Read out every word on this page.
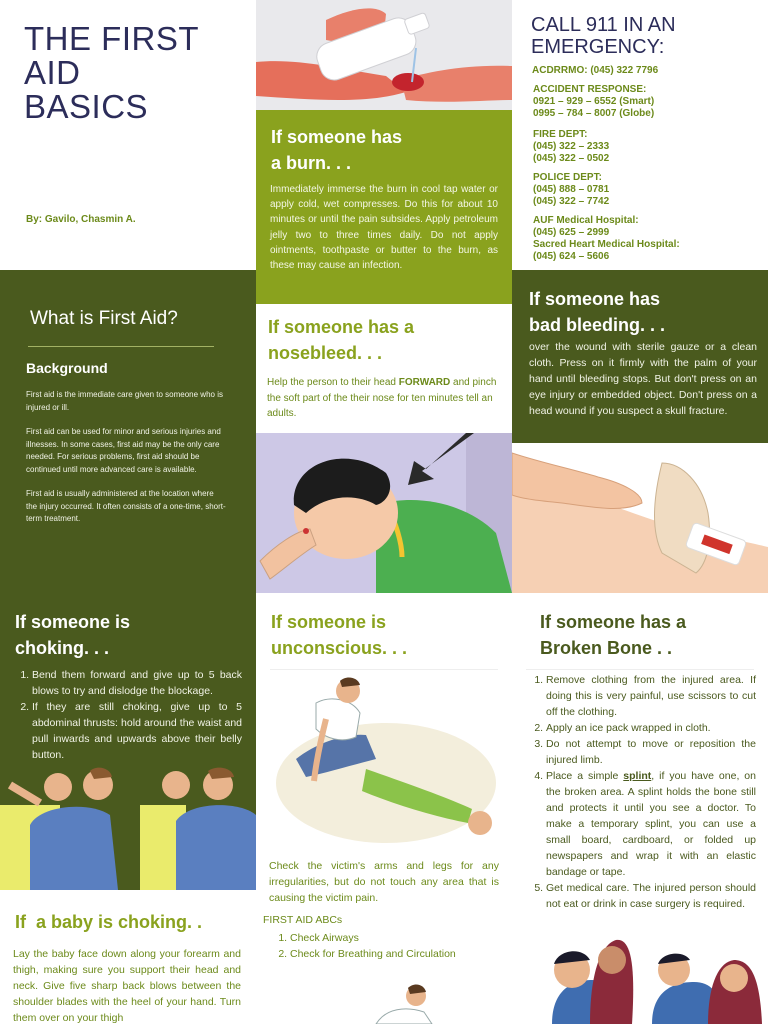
THE FIRST
AID
BASICS
By: Gavilo, Chasmin A.
If someone has
a burn. . .

Immediately immerse the burn in cool tap water or apply cold, wet compresses. Do this for about 10 minutes or until the pain subsides. Apply petroleum jelly two to three times daily. Do not apply ointments, toothpaste or butter to the burn, as these may cause an infection.

CALL 911 IN AN
EMERGENCY:
ACDRRMO: (045) 322 7796
ACCIDENT RESPONSE:
0921 – 929 – 6552 (Smart)
0995 – 784 – 8007 (Globe)
FIRE DEPT:
(045) 322 – 2333
(045) 322 – 0502
POLICE DEPT:
(045) 888 – 0781
(045) 322 – 7742
AUF Medical Hospital:
(045) 625 – 2999
Sacred Heart Medical Hospital:
(045) 624 – 5606
What is First Aid?
Background

First aid is the immediate care given to someone who is injured or ill.

First aid can be used for minor and serious injuries and illnesses. In some cases, first aid may be the only care needed. For serious problems, first aid should be continued until more advanced care is available.

First aid is usually administered at the location where the injury occurred. It often consists of a one-time, short-term treatment.

If someone has a
nosebleed. . .

Help the person to their head FORWARD and pinch the soft part of the their nose for ten minutes tell an adults.

If someone has
bad bleeding. . .

over the wound with sterile gauze or a clean cloth. Press on it firmly with the palm of your hand until bleeding stops. But don't press on an eye injury or embedded object. Don't press on a head wound if you suspect a skull fracture.

If someone is
choking. . .
1. Bend them forward and give up to 5 back blows to try and dislodge the blockage.
2. If they are still choking, give up to 5 abdominal thrusts: hold around the waist and pull inwards and upwards above their belly button.
If someone is
unconscious. . .

Check the victim's arms and legs for any irregularities, but do not touch any area that is causing the victim pain.

FIRST AID ABCs
1. Check Airways
2. Check for Breathing and Circulation
If someone has a
Broken Bone . .
1. Remove clothing from the injured area. If doing this is very painful, use scissors to cut off the clothing.
2. Apply an ice pack wrapped in cloth.
3. Do not attempt to move or reposition the injured limb.
4. Place a simple splint, if you have one, on the broken area. A splint holds the bone still and protects it until you see a doctor. To make a temporary splint, you can use a small board, cardboard, or folded up newspapers and wrap it with an elastic bandage or tape.
5. Get medical care. The injured person should not eat or drink in case surgery is required.
If  a baby is choking. .

Lay the baby face down along your forearm and thigh, making sure you support their head and neck. Give five sharp back blows between the shoulder blades with the heel of your hand. Turn them over on your thigh
